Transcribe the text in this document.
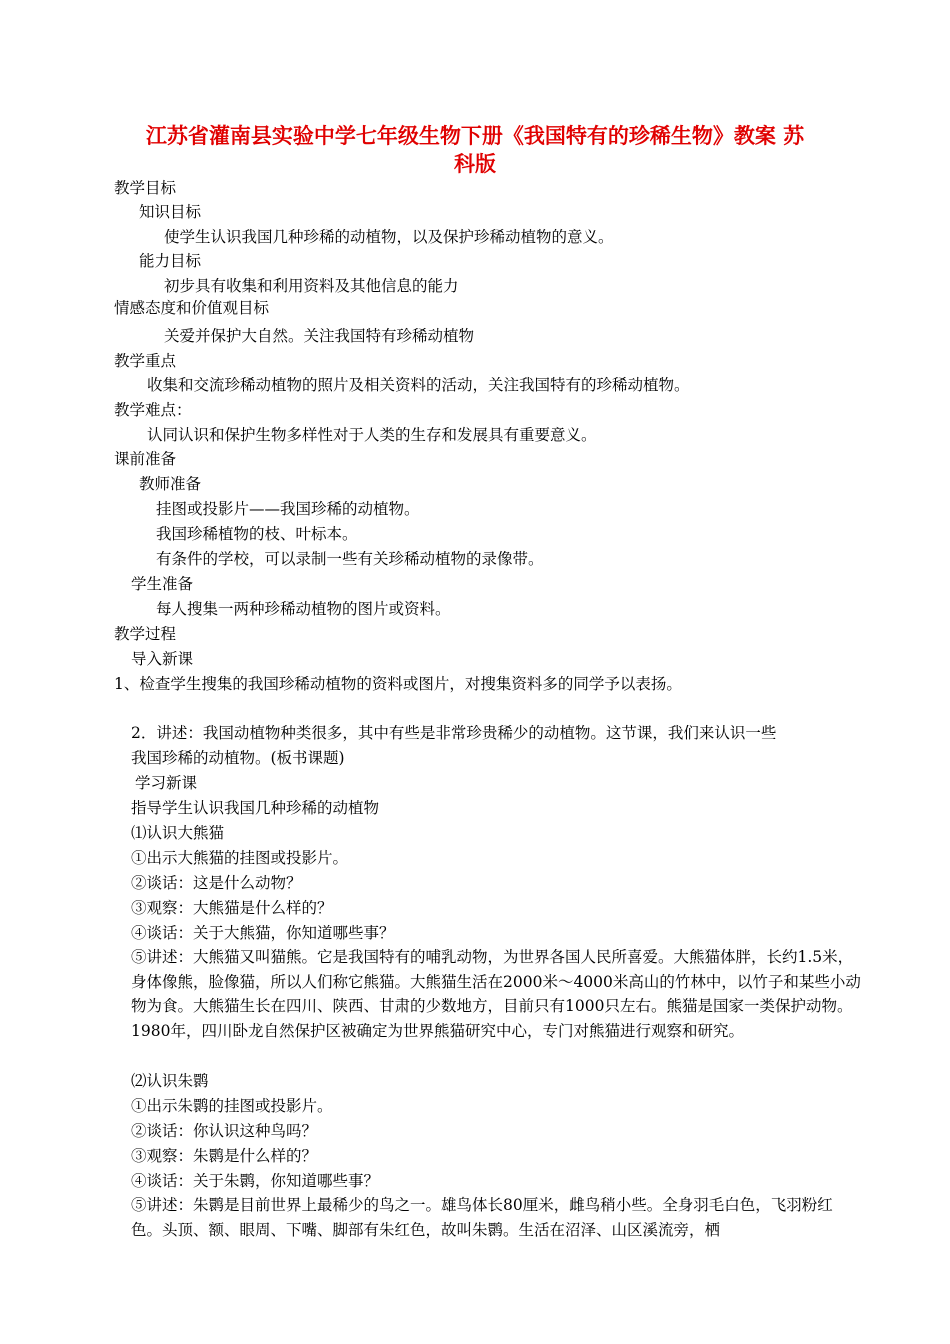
江苏省灌南县实验中学七年级生物下册《我国特有的珍稀生物》教案 苏
科版
教学目标
知识目标
使学生认识我国几种珍稀的动植物，以及保护珍稀动植物的意义。
能力目标
初步具有收集和利用资料及其他信息的能力
情感态度和价值观目标
关爱并保护大自然。关注我国特有珍稀动植物
教学重点
收集和交流珍稀动植物的照片及相关资料的活动，关注我国特有的珍稀动植物。
教学难点：
认同认识和保护生物多样性对于人类的生存和发展具有重要意义。
课前准备
教师准备
挂图或投影片——我国珍稀的动植物。
我国珍稀植物的枝、叶标本。
有条件的学校，可以录制一些有关珍稀动植物的录像带。
学生准备
每人搜集一两种珍稀动植物的图片或资料。
教学过程
导入新课
1、检查学生搜集的我国珍稀动植物的资料或图片，对搜集资料多的同学予以表扬。
2．讲述：我国动植物种类很多，其中有些是非常珍贵稀少的动植物。这节课，我们来认识一些
我国珍稀的动植物。(板书课题)
学习新课
指导学生认识我国几种珍稀的动植物
⑴认识大熊猫
①出示大熊猫的挂图或投影片。
②谈话：这是什么动物？
③观察：大熊猫是什么样的？
④谈话：关于大熊猫，你知道哪些事？
⑤讲述：大熊猫又叫猫熊。它是我国特有的哺乳动物，为世界各国人民所喜爱。大熊猫体胖，长约1.5米，身体像熊，脸像猫，所以人们称它熊猫。大熊猫生活在2000米～4000米高山的竹林中，以竹子和某些小动物为食。大熊猫生长在四川、陕西、甘肃的少数地方，目前只有1000只左右。熊猫是国家一类保护动物。1980年，四川卧龙自然保护区被确定为世界熊猫研究中心，专门对熊猫进行观察和研究。
⑵认识朱鹮
①出示朱鹮的挂图或投影片。
②谈话：你认识这种鸟吗？
③观察：朱鹮是什么样的？
④谈话：关于朱鹮，你知道哪些事？
⑤讲述：朱鹮是目前世界上最稀少的鸟之一。雄鸟体长80厘米，雌鸟稍小些。全身羽毛白色，飞羽粉红色。头顶、额、眼周、下嘴、脚部有朱红色，故叫朱鹮。生活在沼泽、山区溪流旁，栖
